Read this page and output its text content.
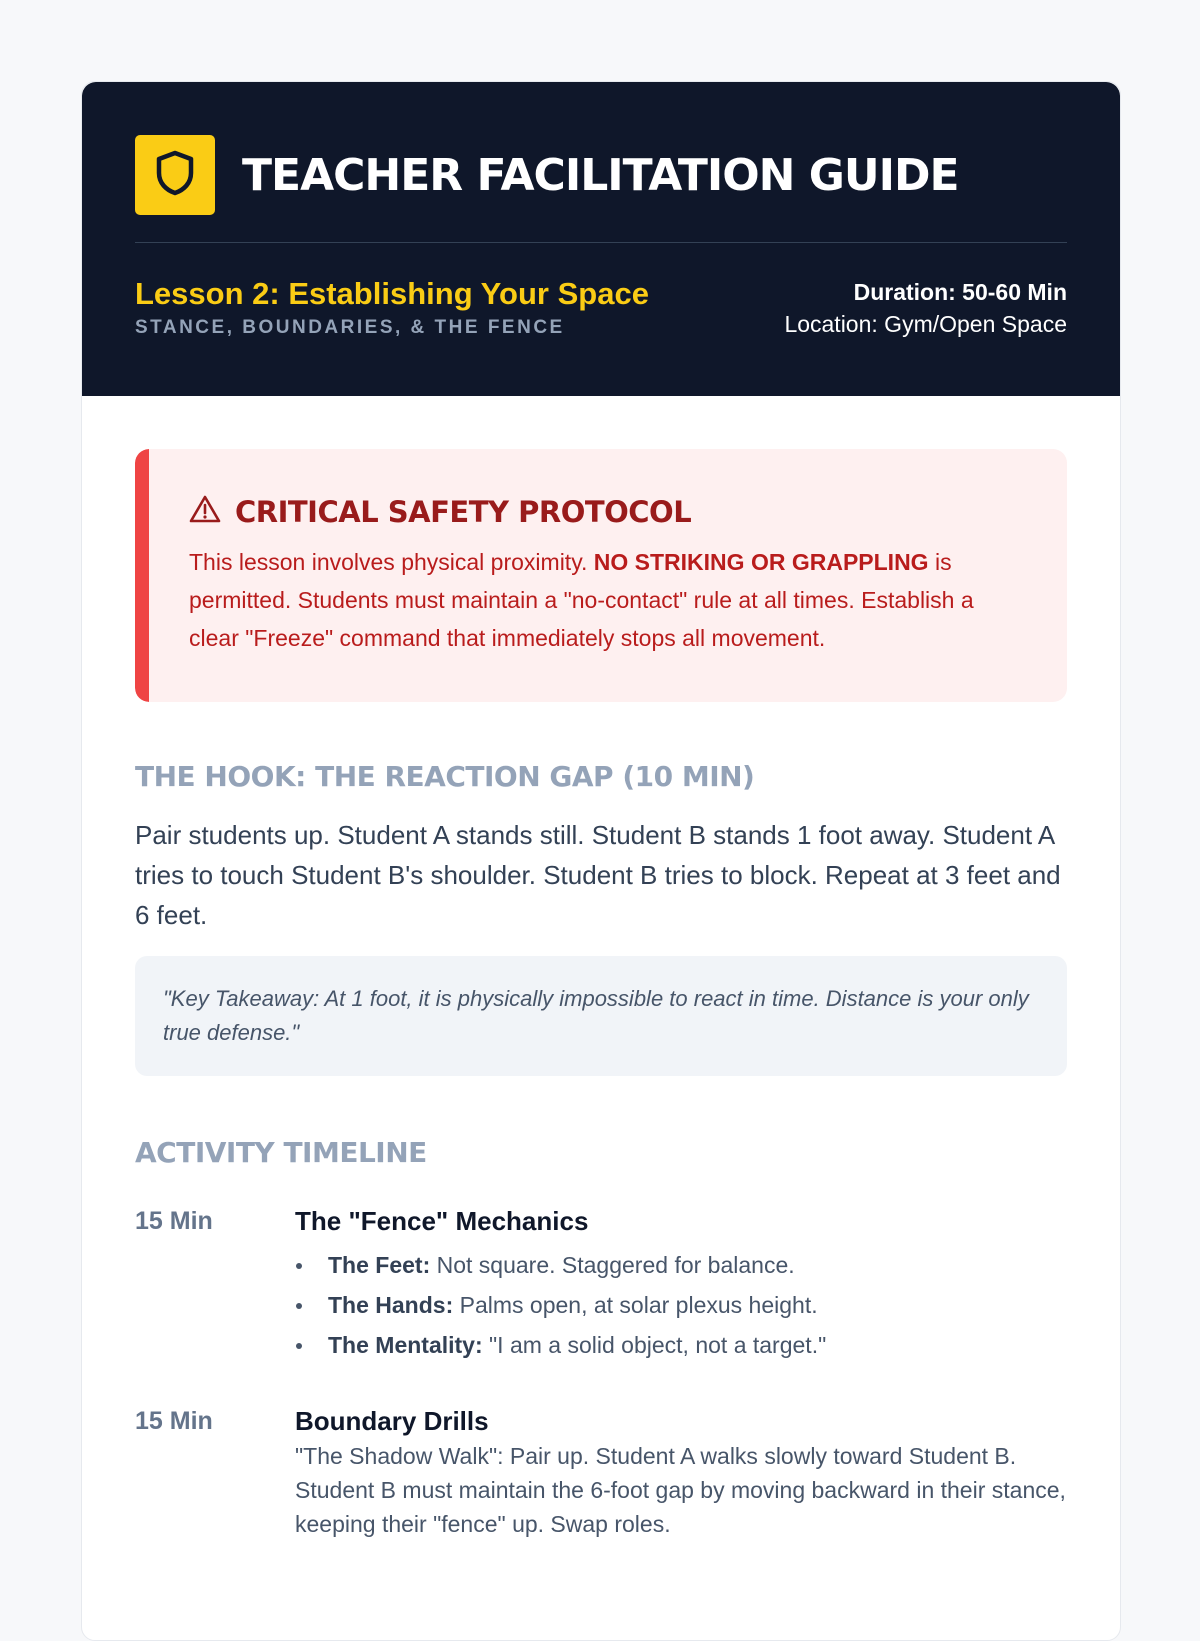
TEACHER FACILITATION GUIDE
Lesson 2: Establishing Your Space
STANCE, BOUNDARIES, & THE FENCE
Duration: 50-60 Min
Location: Gym/Open Space
CRITICAL SAFETY PROTOCOL
This lesson involves physical proximity. NO STRIKING OR GRAPPLING is permitted. Students must maintain a "no-contact" rule at all times. Establish a clear "Freeze" command that immediately stops all movement.
THE HOOK: THE REACTION GAP (10 MIN)
Pair students up. Student A stands still. Student B stands 1 foot away. Student A tries to touch Student B's shoulder. Student B tries to block. Repeat at 3 feet and 6 feet.
"Key Takeaway: At 1 foot, it is physically impossible to react in time. Distance is your only true defense."
ACTIVITY TIMELINE
15 Min	The "Fence" Mechanics
The Feet: Not square. Staggered for balance.
The Hands: Palms open, at solar plexus height.
The Mentality: "I am a solid object, not a target."
15 Min	Boundary Drills
"The Shadow Walk": Pair up. Student A walks slowly toward Student B. Student B must maintain the 6-foot gap by moving backward in their stance, keeping their "fence" up. Swap roles.
